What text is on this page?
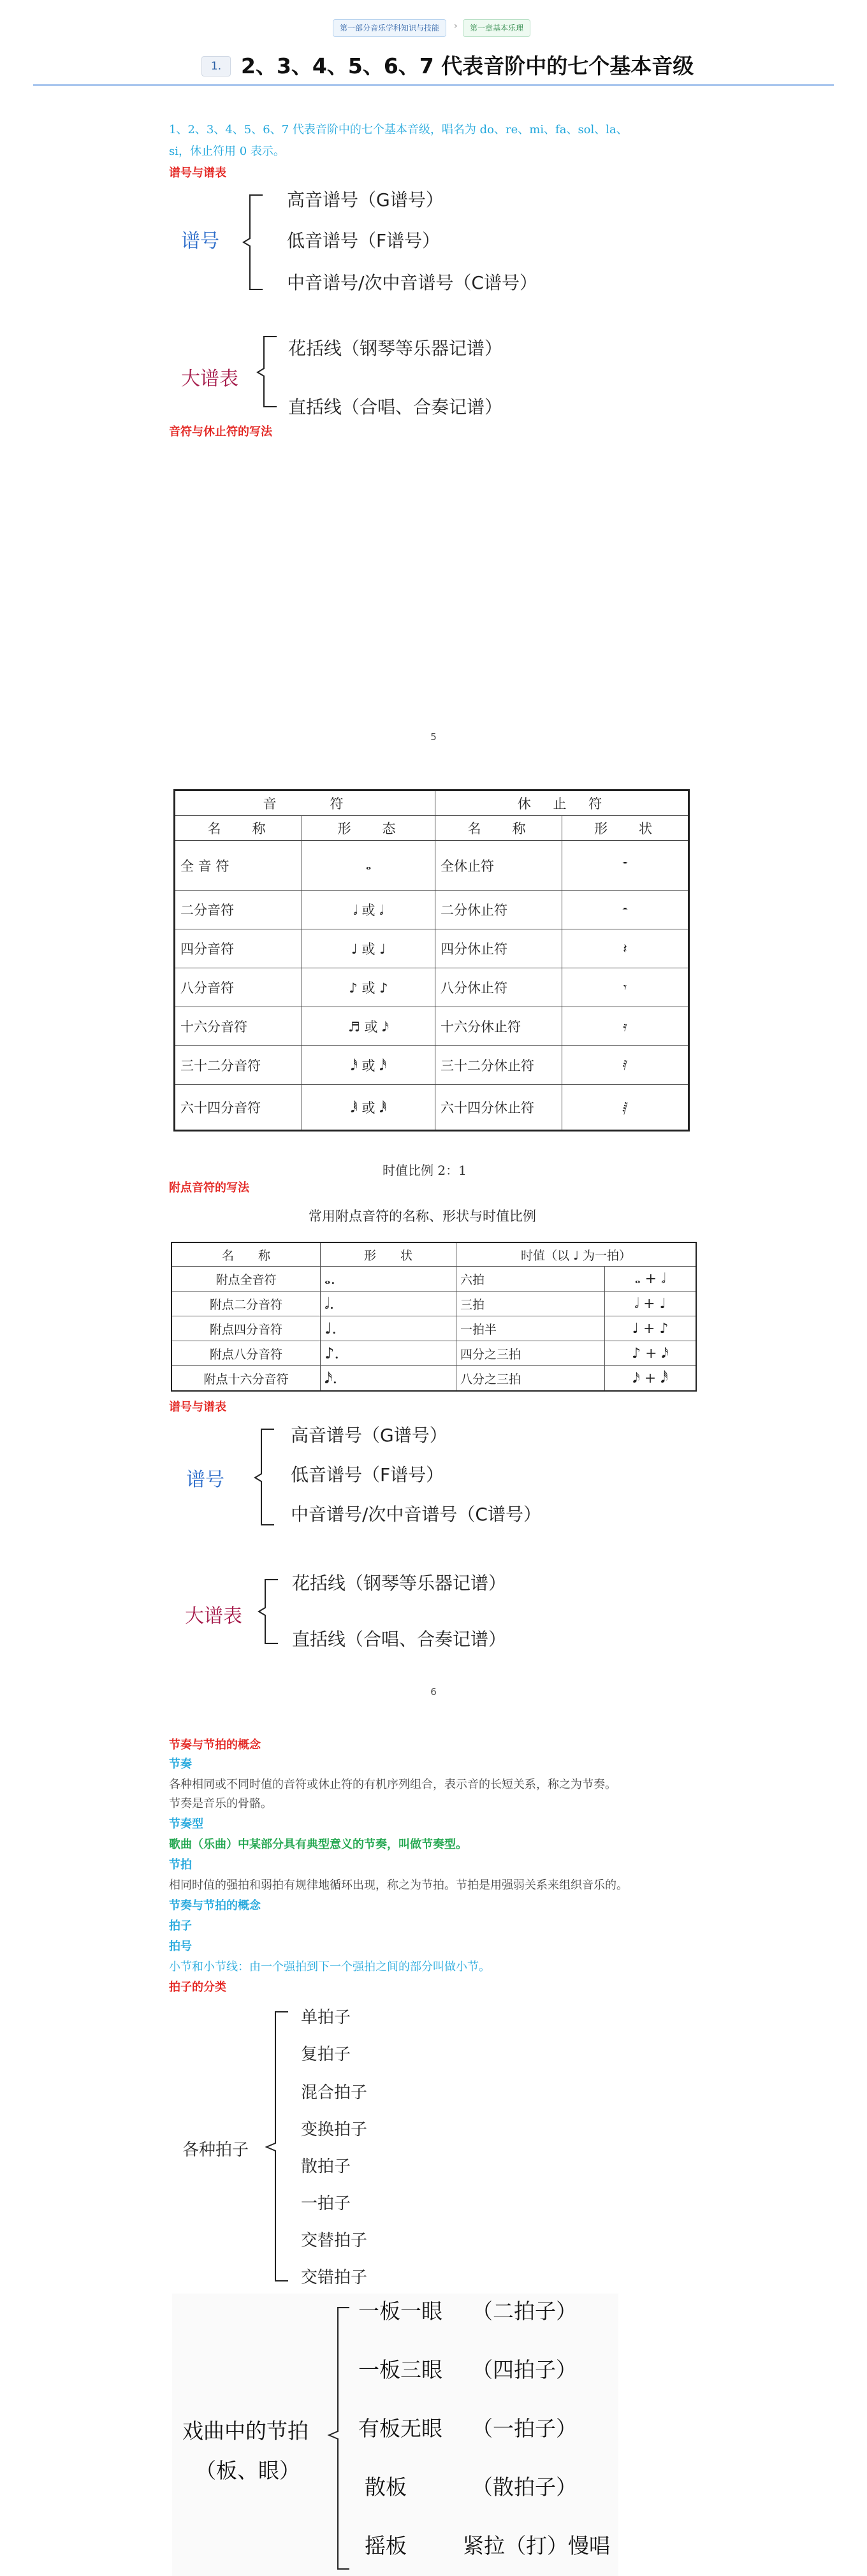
第一部分音乐学科知识与技能	›	第一章基本乐理
1. 2、3、4、5、6、7 代表音阶中的七个基本音级
1、2、3、4、5、6、7 代表音阶中的七个基本音级，唱名为 do、re、mi、fa、sol、la、
si，休止符用 0 表示。
谱号与谱表
谱号
高音谱号（G谱号）
低音谱号（F谱号）
中音谱号/次中音谱号（C谱号）
大谱表
花括线（钢琴等乐器记谱）
直括线（合唱、合奏记谱）
音符与休止符的写法
5
音　　符		休 止 符	
名　称	形　态	名　称	形　状
全 音 符	𝅝	全休止符	𝄻
二分音符	𝅗𝅥 或 𝅗𝅥	二分休止符	𝄼
四分音符	♩ 或 ♩	四分休止符	𝄽
八分音符	♪ 或 ♪	八分休止符	𝄾
十六分音符	♬ 或 𝅘𝅥𝅯	十六分休止符	𝄿
三十二分音符	𝅘𝅥𝅰 或 𝅘𝅥𝅰	三十二分休止符	𝅀
六十四分音符	𝅘𝅥𝅱 或 𝅘𝅥𝅱	六十四分休止符	𝅁
时值比例 2：1
附点音符的写法
常用附点音符的名称、形状与时值比例
名　　称	形　　状	时值（以 ♩ 为一拍）	
附点全音符	𝅝.	六拍	𝅝 + 𝅗𝅥
附点二分音符	𝅗𝅥.	三拍	𝅗𝅥 + ♩
附点四分音符	♩.	一拍半	♩ + ♪
附点八分音符	♪.	四分之三拍	♪ + 𝅘𝅥𝅯
附点十六分音符	𝅘𝅥𝅯.	八分之三拍	𝅘𝅥𝅯 + 𝅘𝅥𝅰
谱号与谱表
谱号
高音谱号（G谱号）
低音谱号（F谱号）
中音谱号/次中音谱号（C谱号）
大谱表
花括线（钢琴等乐器记谱）
直括线（合唱、合奏记谱）
6
节奏与节拍的概念
节奏
各种相同或不同时值的音符或休止符的有机序列组合，表示音的长短关系，称之为节奏。
节奏是音乐的骨骼。
节奏型
歌曲（乐曲）中某部分具有典型意义的节奏，叫做节奏型。
节拍
相同时值的强拍和弱拍有规律地循环出现，称之为节拍。节拍是用强弱关系来组织音乐的。
节奏与节拍的概念
拍子
拍号
小节和小节线：由一个强拍到下一个强拍之间的部分叫做小节。
拍子的分类
各种拍子
单拍子
复拍子
混合拍子
变换拍子
散拍子
一拍子
交替拍子
交错拍子
戏曲中的节拍
（板、眼）
一板一眼 （二拍子）
一板三眼 （四拍子）
有板无眼 （一拍子）
散板	（散拍子）
摇板	紧拉（打）慢唱
